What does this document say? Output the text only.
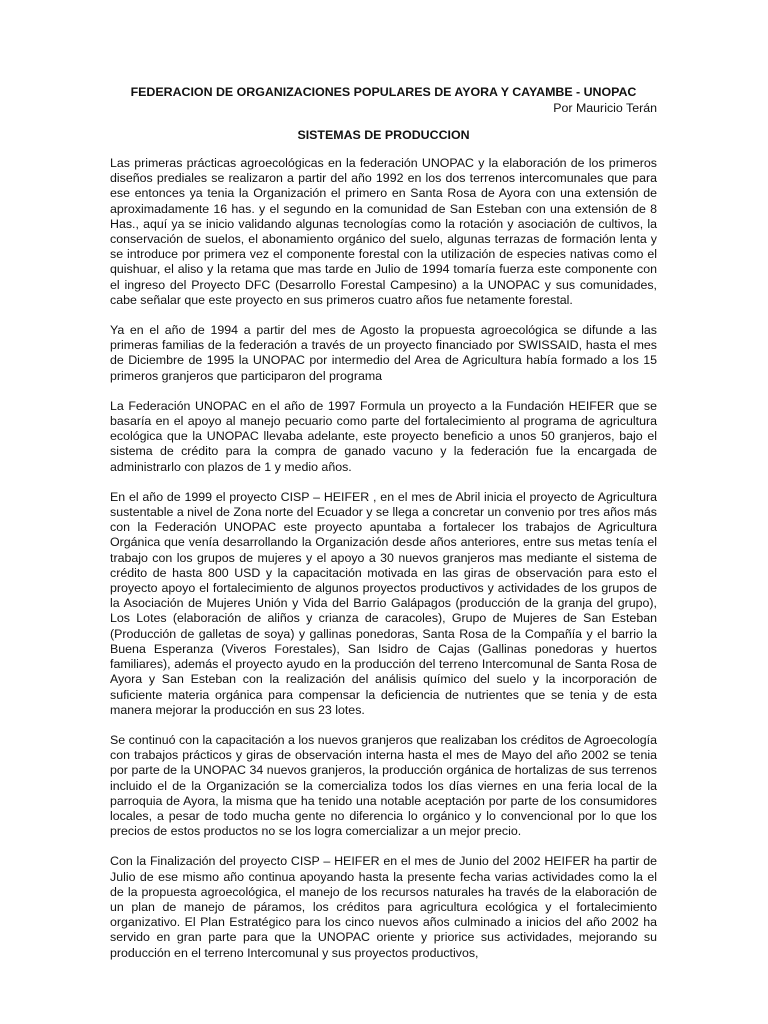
FEDERACION DE ORGANIZACIONES POPULARES DE AYORA Y CAYAMBE - UNOPAC

Por Mauricio Terán

SISTEMAS DE PRODUCCION

Las primeras prácticas agroecológicas en la federación UNOPAC y la elaboración de los primeros diseños prediales se realizaron a partir del año 1992 en los dos terrenos intercomunales que para ese entonces ya tenia la Organización el primero en Santa Rosa de Ayora con una extensión de aproximadamente 16 has. y el segundo en la comunidad de San Esteban con una extensión de 8 Has., aquí ya se inicio validando algunas tecnologías como la rotación y asociación de cultivos, la conservación de suelos, el abonamiento orgánico del suelo, algunas terrazas de formación lenta y se introduce por primera vez el componente forestal con la utilización de especies nativas como el quishuar, el aliso y la retama que mas tarde en Julio de 1994 tomaría fuerza este componente con el ingreso del Proyecto DFC (Desarrollo Forestal Campesino) a la UNOPAC y sus comunidades, cabe señalar que este proyecto en sus primeros cuatro años fue netamente forestal.

Ya en el año de 1994 a partir del mes de Agosto la propuesta agroecológica se difunde a las primeras familias de la federación a través de un proyecto financiado por SWISSAID, hasta el mes de Diciembre de 1995 la UNOPAC por intermedio del Area de Agricultura había formado a los 15 primeros granjeros que participaron del programa

La Federación UNOPAC en el año de 1997 Formula un proyecto a la Fundación HEIFER que se basaría en el apoyo al manejo pecuario como parte del fortalecimiento al programa de agricultura ecológica que la UNOPAC llevaba adelante, este proyecto beneficio a unos 50 granjeros, bajo el sistema de crédito para la compra de ganado vacuno y la federación fue la encargada de administrarlo con plazos de 1 y medio años.

En el año de 1999 el proyecto CISP – HEIFER , en el mes de Abril inicia el proyecto de Agricultura sustentable a nivel de Zona norte del Ecuador y se llega a concretar un convenio por tres años más con la Federación UNOPAC este proyecto apuntaba a fortalecer los trabajos de Agricultura Orgánica que venía desarrollando la Organización desde años anteriores, entre sus metas tenía el trabajo con los grupos de mujeres y el apoyo a 30 nuevos granjeros mas mediante el sistema de crédito de hasta 800 USD y la capacitación motivada en las giras de observación para esto el proyecto apoyo el fortalecimiento de algunos proyectos productivos y actividades de los grupos de la Asociación de Mujeres Unión y Vida del Barrio Galápagos (producción de la granja del grupo), Los Lotes (elaboración de aliños y crianza de caracoles), Grupo de Mujeres de San Esteban (Producción de galletas de soya) y gallinas ponedoras, Santa Rosa de la Compañía y el barrio la Buena Esperanza (Viveros Forestales), San Isidro de Cajas (Gallinas ponedoras y huertos familiares), además el proyecto ayudo en la producción del terreno Intercomunal de Santa Rosa de Ayora y San Esteban con la realización del análisis químico del suelo y la incorporación de suficiente materia orgánica para compensar la deficiencia de nutrientes que se tenia y de esta manera mejorar la producción en sus 23 lotes.

Se continuó con la capacitación a los nuevos granjeros que realizaban los créditos de Agroecología con trabajos prácticos y giras de observación interna hasta el mes de Mayo del año 2002 se tenia por parte de la UNOPAC 34 nuevos granjeros, la producción orgánica de hortalizas de sus terrenos incluido el de la Organización se la comercializa todos los días viernes en una feria local de la parroquia de Ayora, la misma que ha tenido una notable aceptación por parte de los consumidores locales, a pesar de todo mucha gente no diferencia lo orgánico y lo convencional por lo que los precios de estos productos no se los logra comercializar a un mejor precio.

Con la Finalización del proyecto CISP – HEIFER en el mes de Junio del 2002 HEIFER ha partir de Julio de ese mismo año continua apoyando hasta la presente fecha varias actividades como la el de la propuesta agroecológica, el manejo de los recursos naturales ha través de la elaboración de un plan de manejo de páramos, los créditos para agricultura ecológica y el fortalecimiento organizativo. El Plan Estratégico para los cinco nuevos años culminado a inicios del año 2002 ha servido en gran parte para que la UNOPAC oriente y priorice sus actividades, mejorando su producción en el terreno Intercomunal y sus proyectos productivos,
